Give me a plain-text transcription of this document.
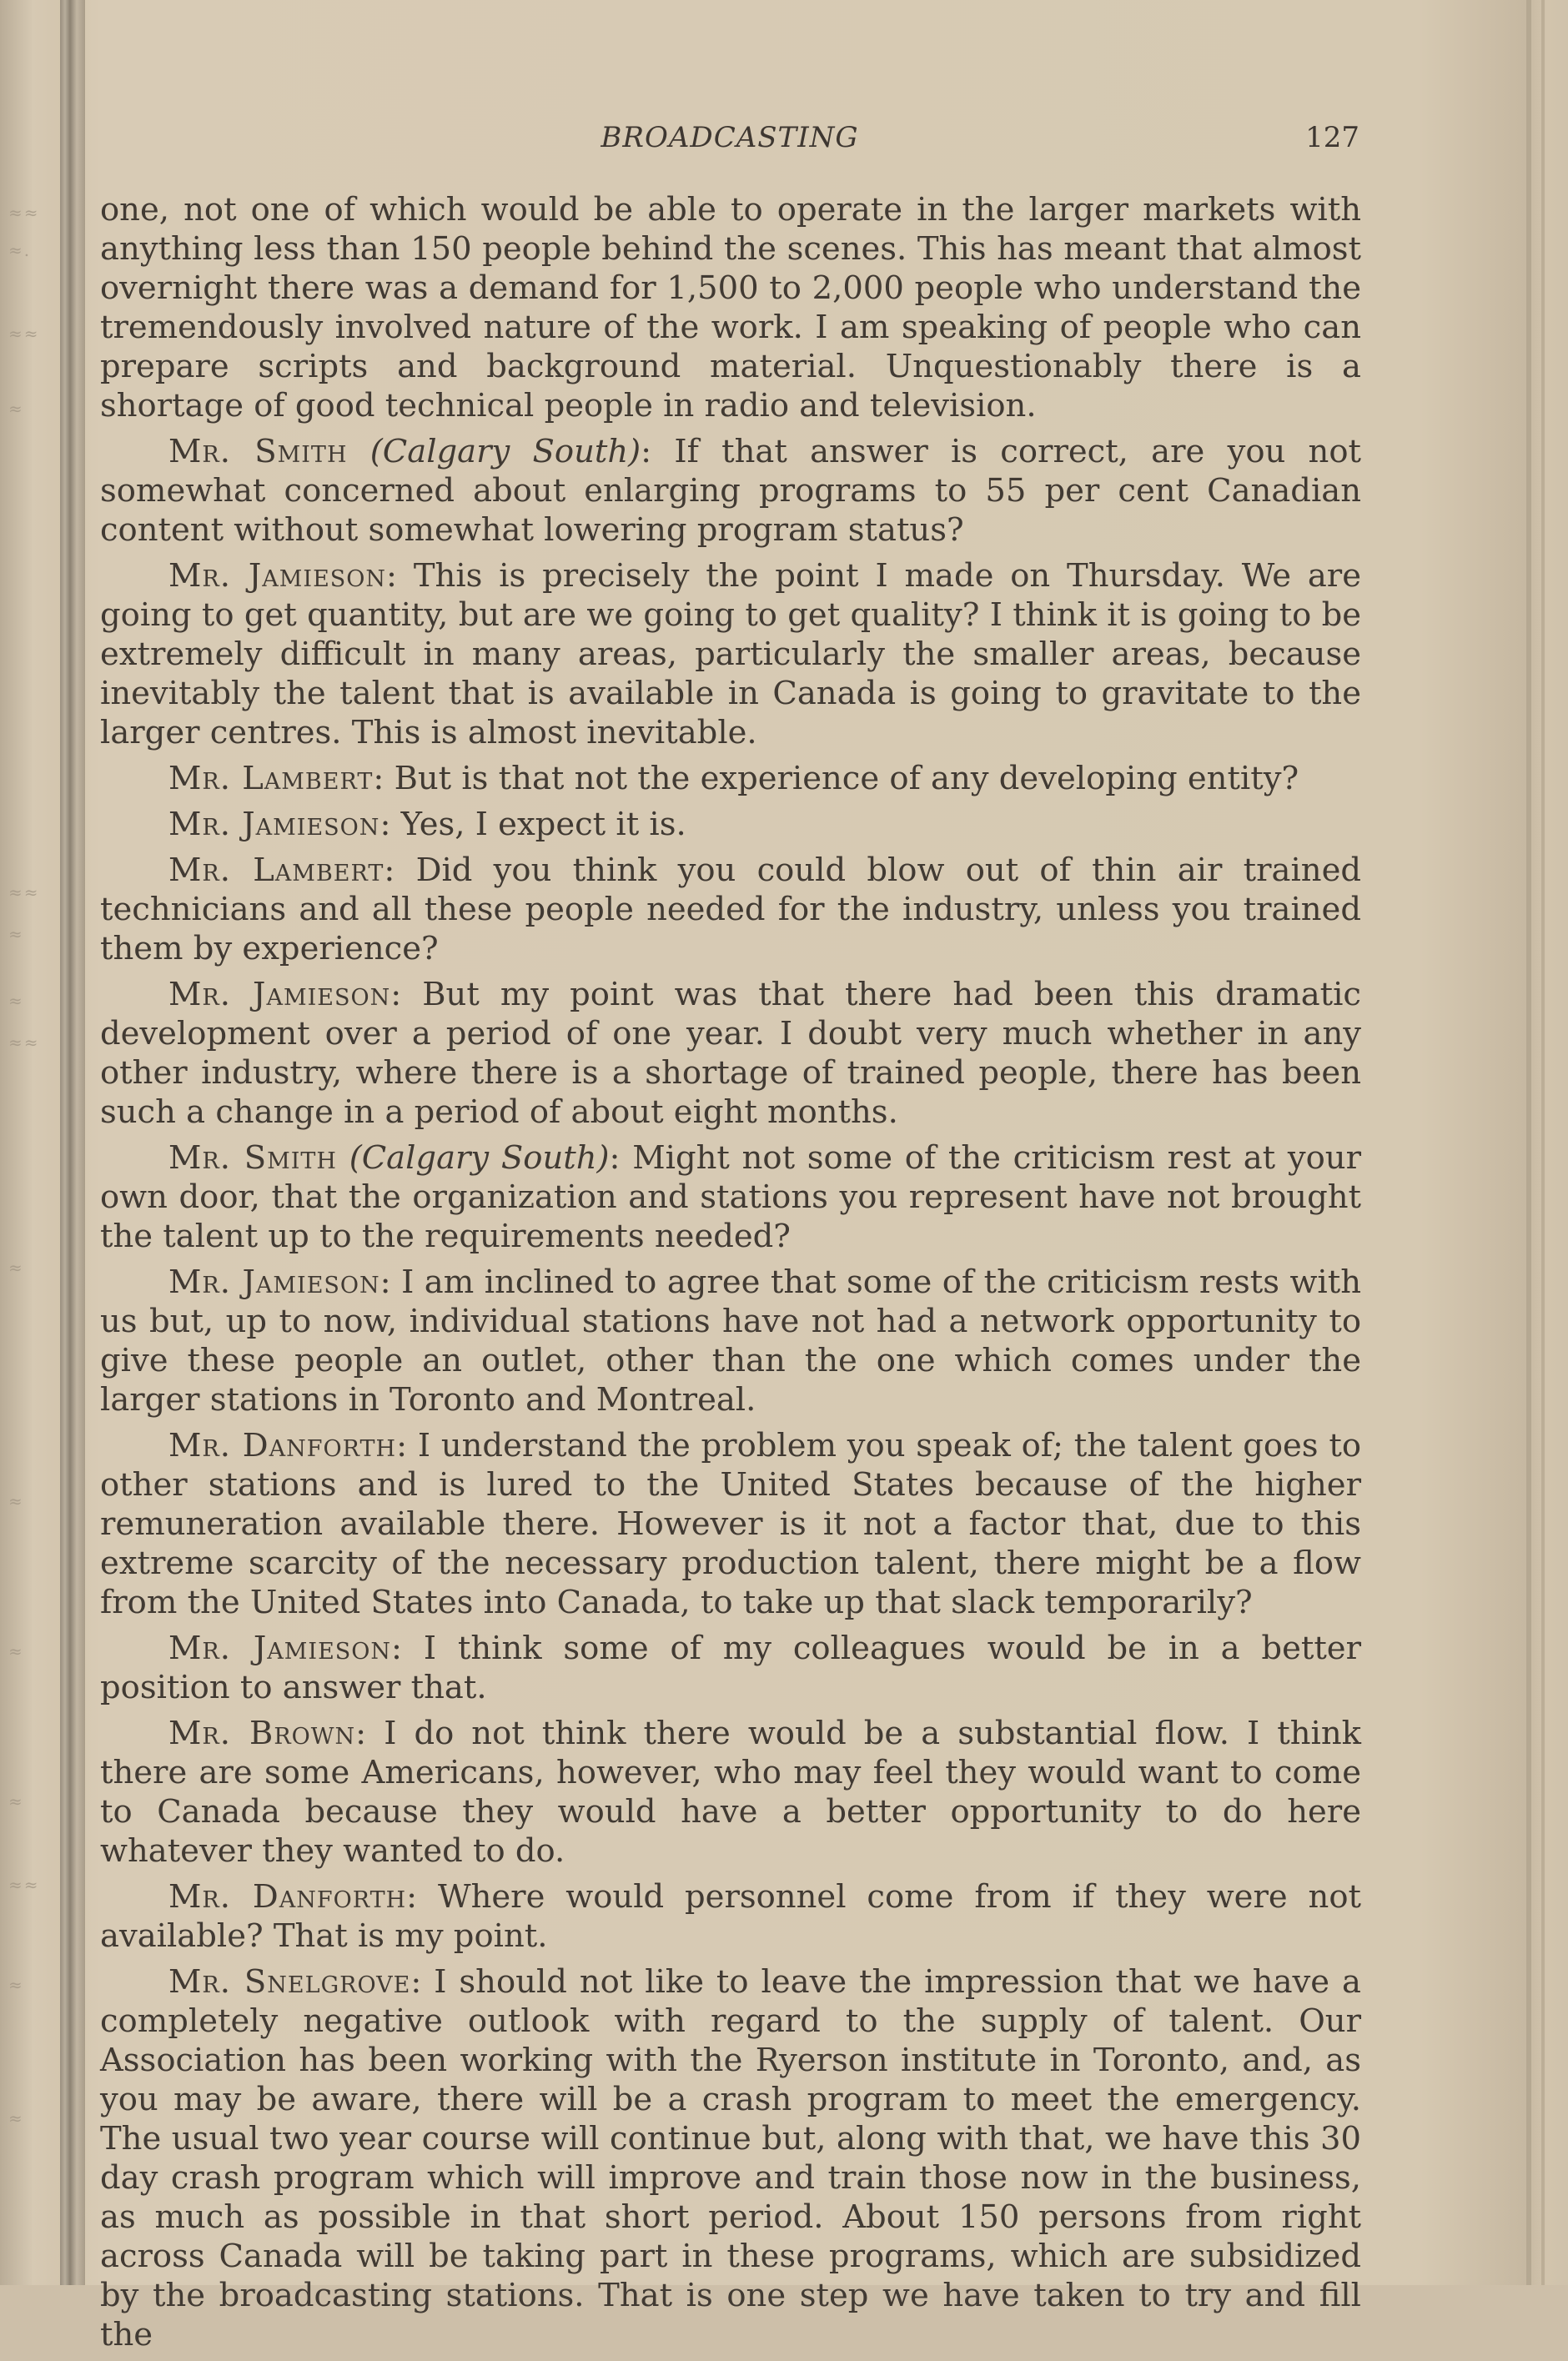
≈≈
≈.
≈≈
≈
≈≈
≈
≈
≈≈
≈
≈
≈
≈
≈≈
≈
≈
BROADCASTING	127

one, not one of which would be able to operate in the larger markets with anything less than 150 people behind the scenes. This has meant that almost overnight there was a demand for 1,500 to 2,000 people who understand the tremendously involved nature of the work. I am speaking of people who can prepare scripts and background material. Unquestionably there is a shortage of good technical people in radio and television.

Mr. Smith (Calgary South): If that answer is correct, are you not somewhat concerned about enlarging programs to 55 per cent Canadian content without somewhat lowering program status?

Mr. Jamieson: This is precisely the point I made on Thursday. We are going to get quantity, but are we going to get quality? I think it is going to be extremely difficult in many areas, particularly the smaller areas, because inevitably the talent that is available in Canada is going to gravitate to the larger centres. This is almost inevitable.

Mr. Lambert: But is that not the experience of any developing entity?

Mr. Jamieson: Yes, I expect it is.

Mr. Lambert: Did you think you could blow out of thin air trained technicians and all these people needed for the industry, unless you trained them by experience?

Mr. Jamieson: But my point was that there had been this dramatic development over a period of one year. I doubt very much whether in any other industry, where there is a shortage of trained people, there has been such a change in a period of about eight months.

Mr. Smith (Calgary South): Might not some of the criticism rest at your own door, that the organization and stations you represent have not brought the talent up to the requirements needed?

Mr. Jamieson: I am inclined to agree that some of the criticism rests with us but, up to now, individual stations have not had a network opportunity to give these people an outlet, other than the one which comes under the larger stations in Toronto and Montreal.

Mr. Danforth: I understand the problem you speak of; the talent goes to other stations and is lured to the United States because of the higher remuneration available there. However is it not a factor that, due to this extreme scarcity of the necessary production talent, there might be a flow from the United States into Canada, to take up that slack temporarily?

Mr. Jamieson: I think some of my colleagues would be in a better position to answer that.

Mr. Brown: I do not think there would be a substantial flow. I think there are some Americans, however, who may feel they would want to come to Canada because they would have a better opportunity to do here whatever they wanted to do.

Mr. Danforth: Where would personnel come from if they were not available? That is my point.

Mr. Snelgrove: I should not like to leave the impression that we have a completely negative outlook with regard to the supply of talent. Our Association has been working with the Ryerson institute in Toronto, and, as you may be aware, there will be a crash program to meet the emergency. The usual two year course will continue but, along with that, we have this 30 day crash program which will improve and train those now in the business, as much as possible in that short period. About 150 persons from right across Canada will be taking part in these programs, which are subsidized by the broadcasting stations. That is one step we have taken to try and fill the
